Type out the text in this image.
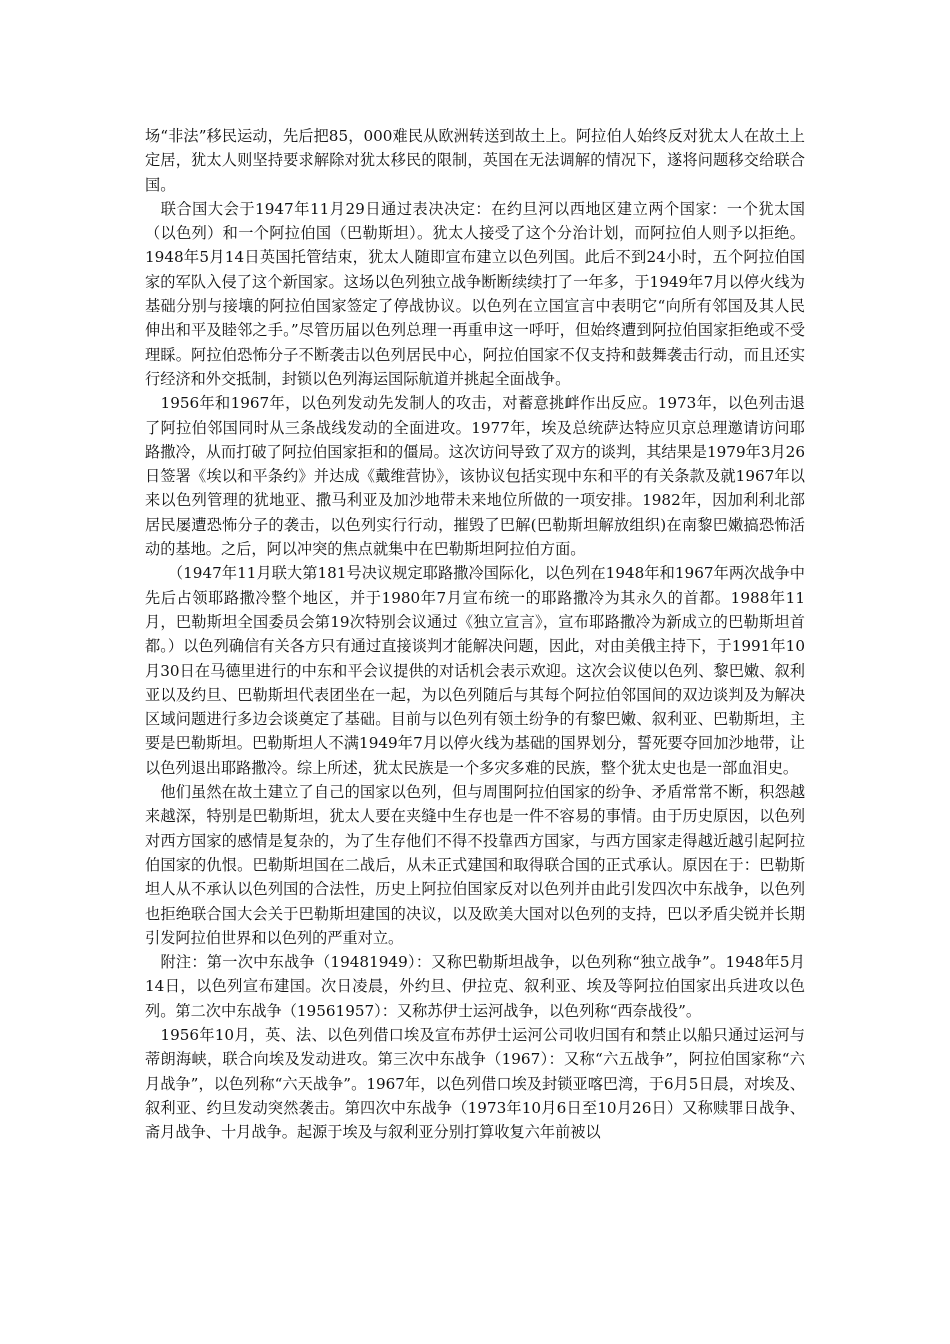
场“非法”移民运动，先后把85，000难民从欧洲转送到故土上。阿拉伯人始终反对犹太人在故土上定居，犹太人则坚持要求解除对犹太移民的限制，英国在无法调解的情况下，遂将问题移交给联合国。

　联合国大会于1947年11月29日通过表决决定：在约旦河以西地区建立两个国家：一个犹太国（以色列）和一个阿拉伯国（巴勒斯坦）。犹太人接受了这个分治计划，而阿拉伯人则予以拒绝。1948年5月14日英国托管结束，犹太人随即宣布建立以色列国。此后不到24小时，五个阿拉伯国家的军队入侵了这个新国家。这场以色列独立战争断断续续打了一年多，于1949年7月以停火线为基础分别与接壤的阿拉伯国家签定了停战协议。以色列在立国宣言中表明它“向所有邻国及其人民伸出和平及睦邻之手。”尽管历届以色列总理一再重申这一呼吁，但始终遭到阿拉伯国家拒绝或不受理睬。阿拉伯恐怖分子不断袭击以色列居民中心，阿拉伯国家不仅支持和鼓舞袭击行动，而且还实行经济和外交抵制，封锁以色列海运国际航道并挑起全面战争。

　1956年和1967年，以色列发动先发制人的攻击，对蓄意挑衅作出反应。1973年，以色列击退了阿拉伯邻国同时从三条战线发动的全面进攻。1977年，埃及总统萨达特应贝京总理邀请访问耶路撒冷，从而打破了阿拉伯国家拒和的僵局。这次访问导致了双方的谈判，其结果是1979年3月26日签署《埃以和平条约》并达成《戴维营协》，该协议包括实现中东和平的有关条款及就1967年以来以色列管理的犹地亚、撒马利亚及加沙地带未来地位所做的一项安排。1982年，因加利利北部居民屡遭恐怖分子的袭击，以色列实行行动，摧毁了巴解(巴勒斯坦解放组织)在南黎巴嫩搞恐怖活动的基地。之后，阿以冲突的焦点就集中在巴勒斯坦阿拉伯方面。

　　（1947年11月联大第181号决议规定耶路撒冷国际化，以色列在1948年和1967年两次战争中先后占领耶路撒冷整个地区，并于1980年7月宣布统一的耶路撒冷为其永久的首都。1988年11月，巴勒斯坦全国委员会第19次特别会议通过《独立宣言》，宣布耶路撒冷为新成立的巴勒斯坦首都。）以色列确信有关各方只有通过直接谈判才能解决问题，因此，对由美俄主持下，于1991年10月30日在马德里进行的中东和平会议提供的对话机会表示欢迎。这次会议使以色列、黎巴嫩、叙利亚以及约旦、巴勒斯坦代表团坐在一起，为以色列随后与其每个阿拉伯邻国间的双边谈判及为解决区域问题进行多边会谈奠定了基础。目前与以色列有领土纷争的有黎巴嫩、叙利亚、巴勒斯坦，主要是巴勒斯坦。巴勒斯坦人不满1949年7月以停火线为基础的国界划分，誓死要夺回加沙地带，让以色列退出耶路撒冷。综上所述，犹太民族是一个多灾多难的民族，整个犹太史也是一部血泪史。

　他们虽然在故土建立了自己的国家以色列，但与周围阿拉伯国家的纷争、矛盾常常不断，积怨越来越深，特别是巴勒斯坦，犹太人要在夹缝中生存也是一件不容易的事情。由于历史原因，以色列对西方国家的感情是复杂的，为了生存他们不得不投靠西方国家，与西方国家走得越近越引起阿拉伯国家的仇恨。巴勒斯坦国在二战后，从未正式建国和取得联合国的正式承认。原因在于：巴勒斯坦人从不承认以色列国的合法性，历史上阿拉伯国家反对以色列并由此引发四次中东战争，以色列也拒绝联合国大会关于巴勒斯坦建国的决议，以及欧美大国对以色列的支持，巴以矛盾尖锐并长期引发阿拉伯世界和以色列的严重对立。

　附注：第一次中东战争（19481949）：又称巴勒斯坦战争，以色列称“独立战争”。1948年5月14日，以色列宣布建国。次日凌晨，外约旦、伊拉克、叙利亚、埃及等阿拉伯国家出兵进攻以色列。第二次中东战争（19561957）：又称苏伊士运河战争，以色列称“西奈战役”。

　1956年10月，英、法、以色列借口埃及宣布苏伊士运河公司收归国有和禁止以船只通过运河与蒂朗海峡，联合向埃及发动进攻。第三次中东战争（1967）：又称“六五战争”，阿拉伯国家称“六月战争”，以色列称“六天战争”。1967年，以色列借口埃及封锁亚喀巴湾，于6月5日晨，对埃及、叙利亚、约旦发动突然袭击。第四次中东战争（1973年10月6日至10月26日）又称赎罪日战争、斋月战争、十月战争。起源于埃及与叙利亚分别打算收复六年前被以
